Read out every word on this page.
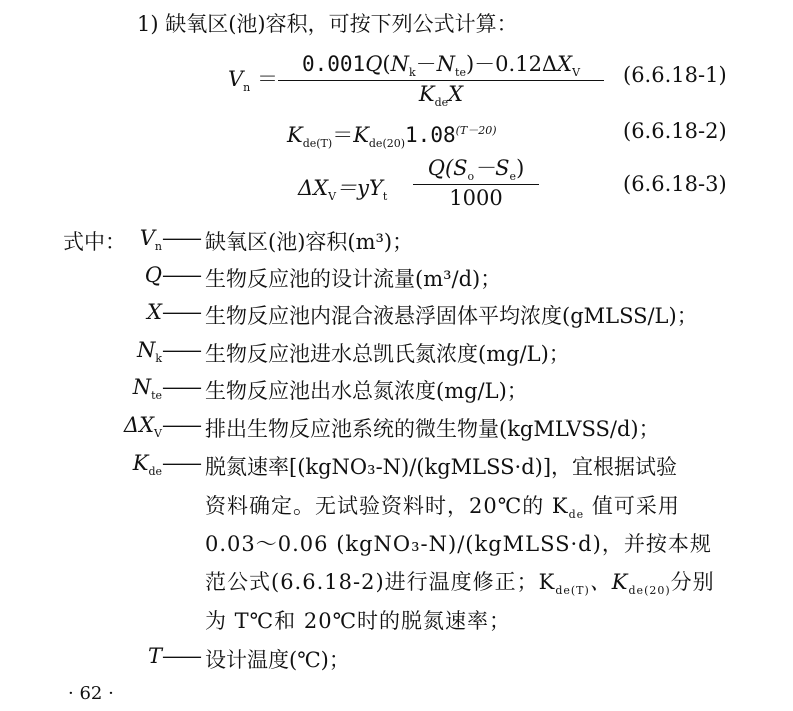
1) 缺氧区(池)容积，可按下列公式计算：
$V_n$ ＝
$0.001Q(N_k-N_{te})-0.12\Delta X_V$
$K_{de}X$
(6.6.18-1)
$K_{de(T)}=K_{de(20)}1.08^{(T-20)}$	(6.6.18-2)
$\Delta X_V=yY_t$
$Q(S_o-S_e)$
1000
(6.6.18-3)
式中： $V_n——$ 缺氧区(池)容积(m³)；
Q—— 生物反应池的设计流量(m³/d)；
X—— 生物反应池内混合液悬浮固体平均浓度(gMLSS/L)；
$N_k——$ 生物反应池进水总凯氏氮浓度(mg/L)；
$N_{te}——$ 生物反应池出水总氮浓度(mg/L)；
$\Delta X_V——$ 排出生物反应池系统的微生物量(kgMLVSS/d)；
$K_{de}——$ 脱氮速率[(kgNO₃-N)/(kgMLSS·d)]，宜根据试验
资料确定。无试验资料时，20℃的 $K_{de}$ 值可采用
0.03～0.06 (kgNO₃-N)/(kgMLSS·d)，并按本规
范公式(6.6.18-2)进行温度修正；$K_{de(T)}$、$K_{de(20)}$分别
为 T℃和 20℃时的脱氮速率；
T—— 设计温度(℃)；
· 62 ·
